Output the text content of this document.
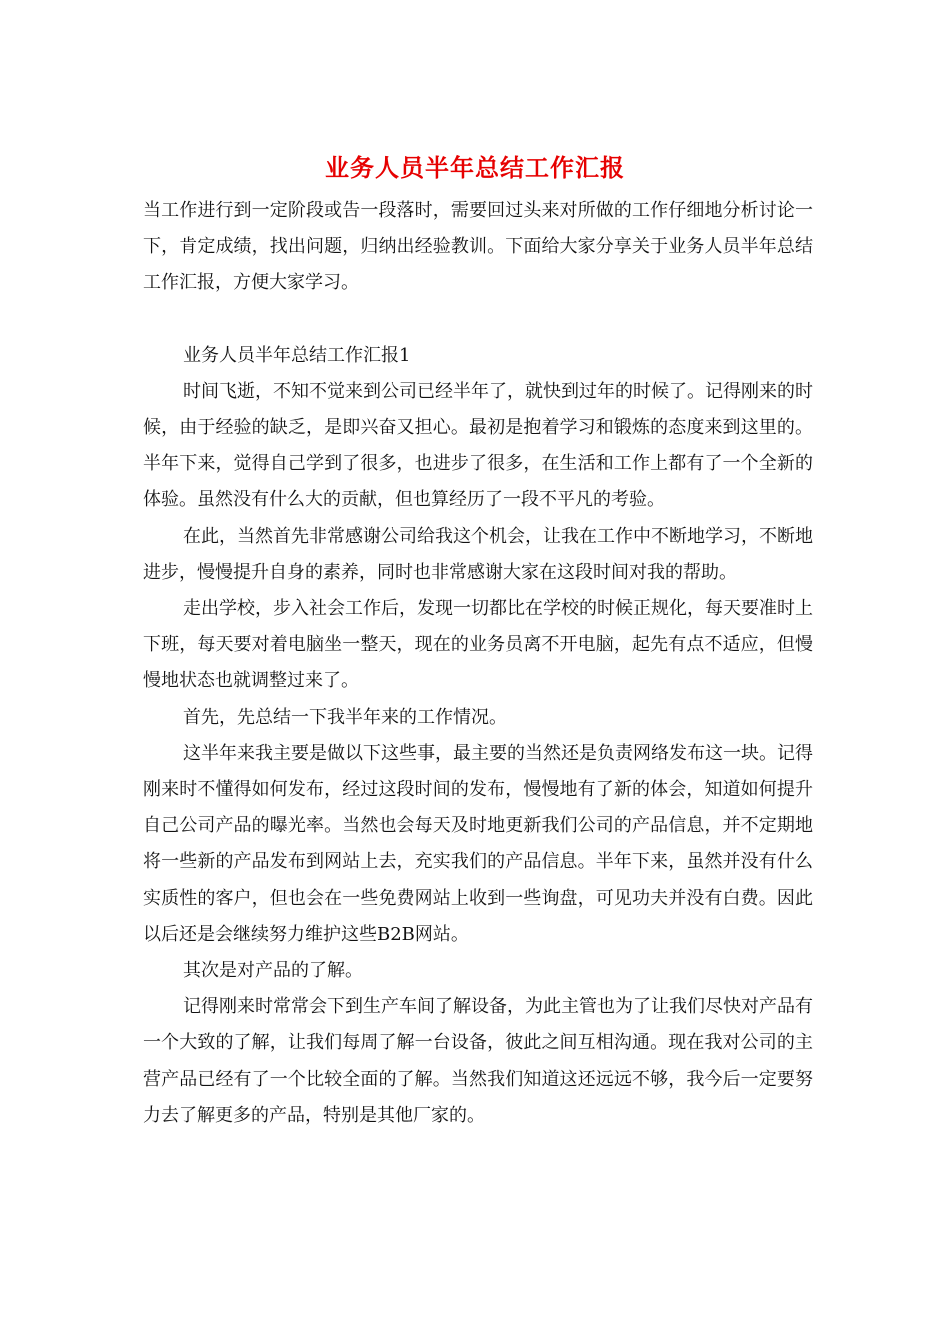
业务人员半年总结工作汇报

当工作进行到一定阶段或告一段落时，需要回过头来对所做的工作仔细地分析讨论一下，肯定成绩，找出问题，归纳出经验教训。下面给大家分享关于业务人员半年总结工作汇报，方便大家学习。

业务人员半年总结工作汇报1

时间飞逝，不知不觉来到公司已经半年了，就快到过年的时候了。记得刚来的时候，由于经验的缺乏，是即兴奋又担心。最初是抱着学习和锻炼的态度来到这里的。半年下来，觉得自己学到了很多，也进步了很多，在生活和工作上都有了一个全新的体验。虽然没有什么大的贡献，但也算经历了一段不平凡的考验。

在此，当然首先非常感谢公司给我这个机会，让我在工作中不断地学习，不断地进步，慢慢提升自身的素养，同时也非常感谢大家在这段时间对我的帮助。

走出学校，步入社会工作后，发现一切都比在学校的时候正规化，每天要准时上下班，每天要对着电脑坐一整天，现在的业务员离不开电脑，起先有点不适应，但慢慢地状态也就调整过来了。

首先，先总结一下我半年来的工作情况。

这半年来我主要是做以下这些事，最主要的当然还是负责网络发布这一块。记得刚来时不懂得如何发布，经过这段时间的发布，慢慢地有了新的体会，知道如何提升自己公司产品的曝光率。当然也会每天及时地更新我们公司的产品信息，并不定期地将一些新的产品发布到网站上去，充实我们的产品信息。半年下来，虽然并没有什么实质性的客户，但也会在一些免费网站上收到一些询盘，可见功夫并没有白费。因此以后还是会继续努力维护这些B2B网站。

其次是对产品的了解。

记得刚来时常常会下到生产车间了解设备，为此主管也为了让我们尽快对产品有一个大致的了解，让我们每周了解一台设备，彼此之间互相沟通。现在我对公司的主营产品已经有了一个比较全面的了解。当然我们知道这还远远不够，我今后一定要努力去了解更多的产品，特别是其他厂家的。
